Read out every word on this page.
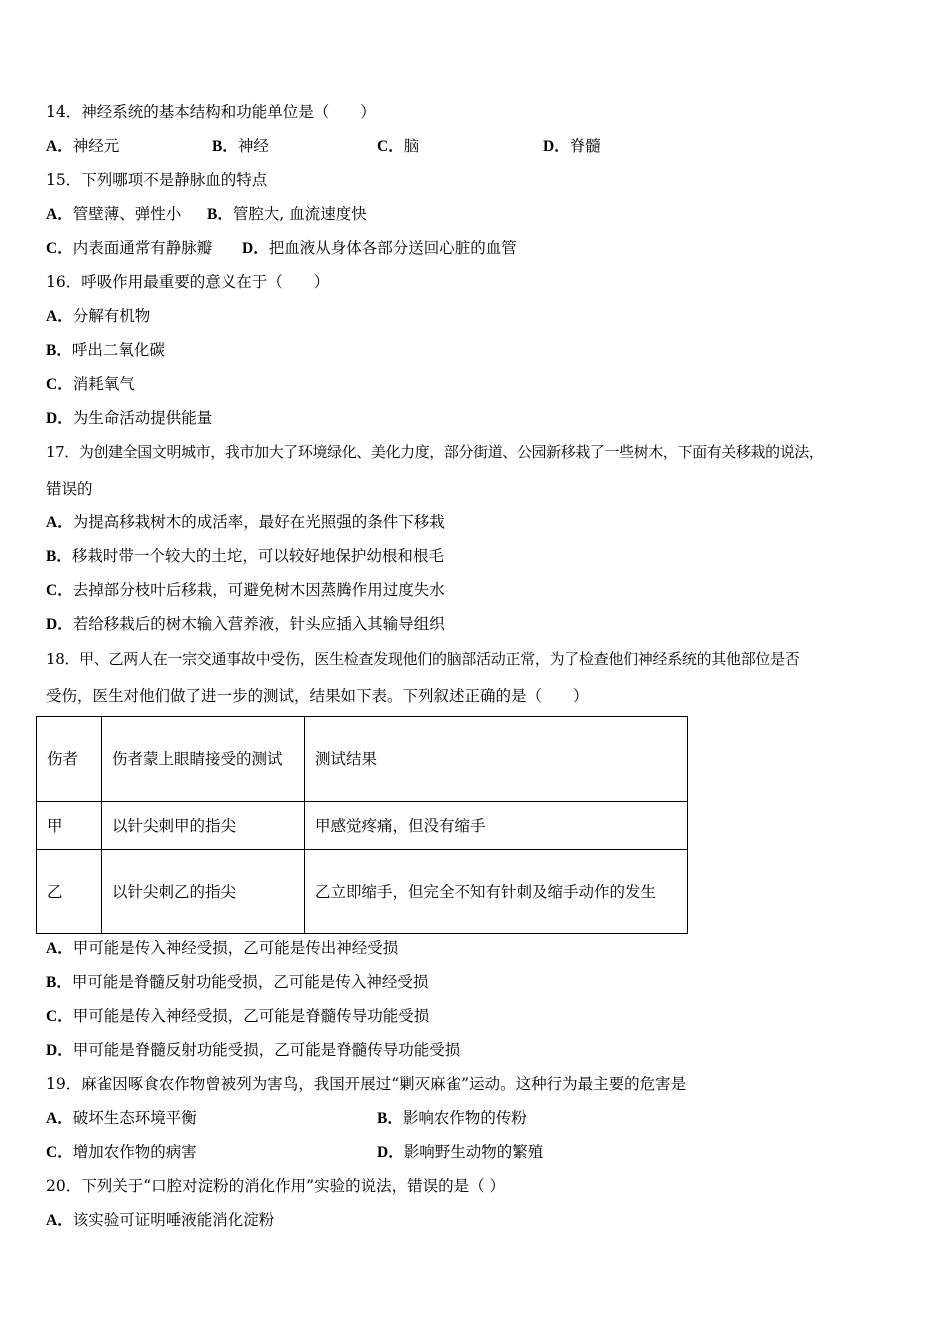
14．神经系统的基本结构和功能单位是（　　）
A．神经元	B．神经	C．脑	D．脊髓
15．下列哪项不是静脉血的特点
A．管壁薄、弹性小 B．管腔大, 血流速度快
C．内表面通常有静脉瓣 D．把血液从身体各部分送回心脏的血管
16．呼吸作用最重要的意义在于（　　）
A．分解有机物
B．呼出二氧化碳
C．消耗氧气
D．为生命活动提供能量
17．为创建全国文明城市，我市加大了环境绿化、美化力度，部分街道、公园新移栽了一些树木，下面有关移栽的说法，
错误的
A．为提高移栽树木的成活率，最好在光照强的条件下移栽
B．移栽时带一个较大的土坨，可以较好地保护幼根和根毛
C．去掉部分枝叶后移栽，可避免树木因蒸腾作用过度失水
D．若给移栽后的树木输入营养液，针头应插入其输导组织
18．甲、乙两人在一宗交通事故中受伤，医生检查发现他们的脑部活动正常，为了检查他们神经系统的其他部位是否
受伤，医生对他们做了进一步的测试，结果如下表。下列叙述正确的是（　　）
伤者	伤者蒙上眼睛接受的测试	测试结果
甲	以针尖刺甲的指尖	甲感觉疼痛，但没有缩手
乙	以针尖刺乙的指尖	乙立即缩手，但完全不知有针刺及缩手动作的发生
A．甲可能是传入神经受损，乙可能是传出神经受损
B．甲可能是脊髓反射功能受损，乙可能是传入神经受损
C．甲可能是传入神经受损，乙可能是脊髓传导功能受损
D．甲可能是脊髓反射功能受损，乙可能是脊髓传导功能受损
19．麻雀因啄食农作物曾被列为害鸟，我国开展过“剿灭麻雀”运动。这种行为最主要的危害是
A．破坏生态环境平衡	B．影响农作物的传粉
C．增加农作物的病害	D．影响野生动物的繁殖
20．下列关于“口腔对淀粉的消化作用”实验的说法，错误的是（ ）
A．该实验可证明唾液能消化淀粉
